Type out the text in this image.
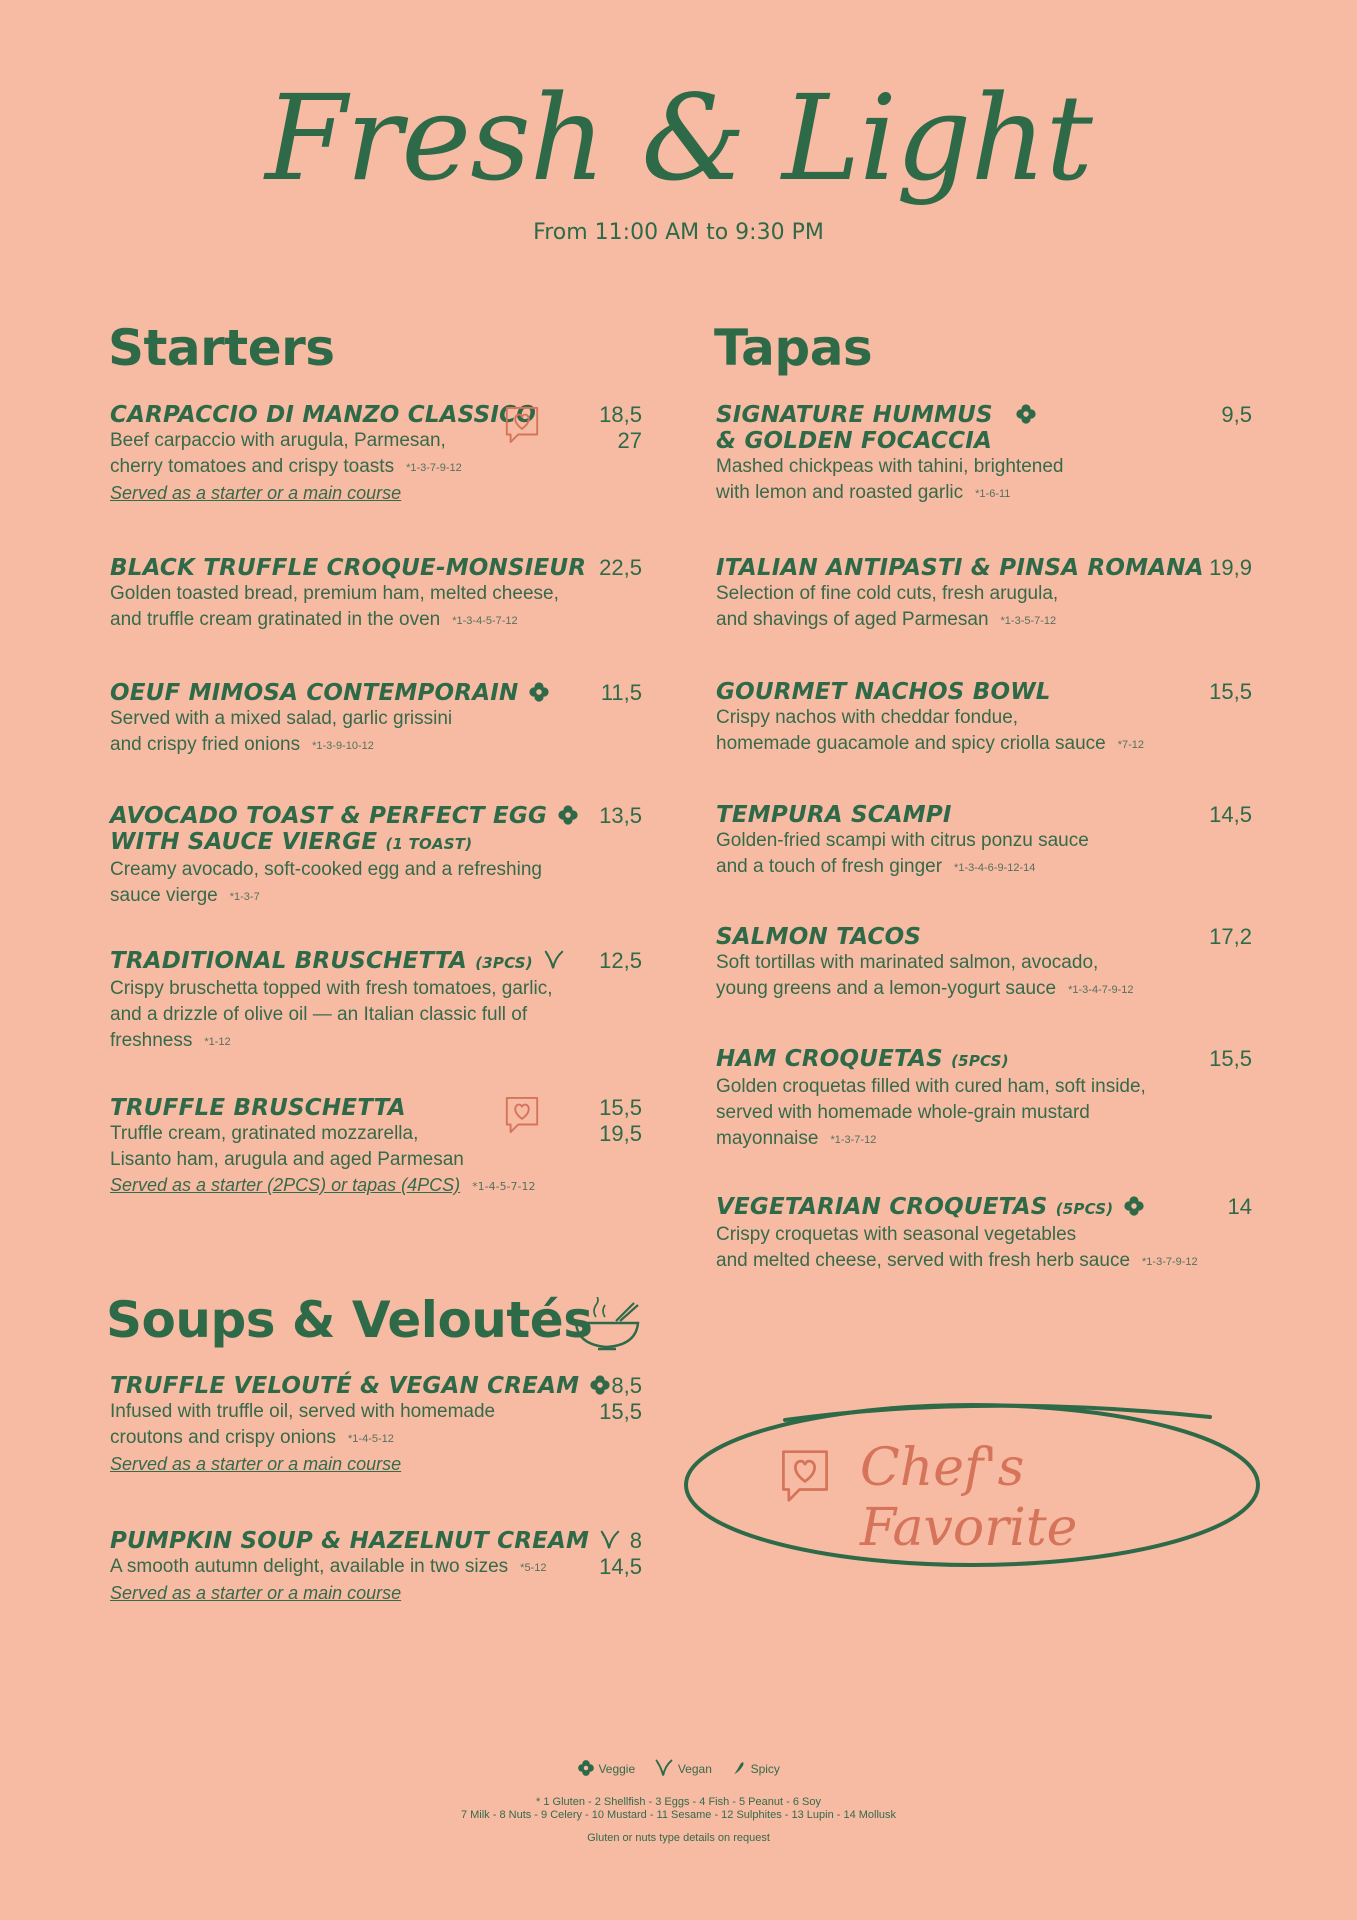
Fresh & Light
From 11:00 AM to 9:30 PM
Starters
CARPACCIO DI MANZO CLASSICO
Beef carpaccio with arugula, Parmesan,
cherry tomatoes and crispy toasts *1-3-7-9-12
Served as a starter or a main course
18,5
27
BLACK TRUFFLE CROQUE-MONSIEUR
Golden toasted bread, premium ham, melted cheese,
and truffle cream gratinated in the oven *1-3-4-5-7-12
22,5
OEUF MIMOSA CONTEMPORAIN
Served with a mixed salad, garlic grissini
and crispy fried onions *1-3-9-10-12
11,5
AVOCADO TOAST & PERFECT EGG
WITH SAUCE VIERGE (1 TOAST)
Creamy avocado, soft-cooked egg and a refreshing
sauce vierge *1-3-7
13,5
TRADITIONAL BRUSCHETTA (3PCS)
Crispy bruschetta topped with fresh tomatoes, garlic,
and a drizzle of olive oil — an Italian classic full of
freshness *1-12
12,5
TRUFFLE BRUSCHETTA
Truffle cream, gratinated mozzarella,
Lisanto ham, arugula and aged Parmesan
Served as a starter (2PCS) or tapas (4PCS) *1-4-5-7-12
15,5
19,5
Soups & Veloutés
TRUFFLE VELOUTÉ & VEGAN CREAM
Infused with truffle oil, served with homemade
croutons and crispy onions *1-4-5-12
Served as a starter or a main course
8,5
15,5
PUMPKIN SOUP & HAZELNUT CREAM
A smooth autumn delight, available in two sizes *5-12
Served as a starter or a main course
8
14,5
Tapas
SIGNATURE HUMMUS
& GOLDEN FOCACCIA
Mashed chickpeas with tahini, brightened
with lemon and roasted garlic *1-6-11
9,5
ITALIAN ANTIPASTI & PINSA ROMANA
Selection of fine cold cuts, fresh arugula,
and shavings of aged Parmesan *1-3-5-7-12
19,9
GOURMET NACHOS BOWL
Crispy nachos with cheddar fondue,
homemade guacamole and spicy criolla sauce *7-12
15,5
TEMPURA SCAMPI
Golden-fried scampi with citrus ponzu sauce
and a touch of fresh ginger *1-3-4-6-9-12-14
14,5
SALMON TACOS
Soft tortillas with marinated salmon, avocado,
young greens and a lemon-yogurt sauce *1-3-4-7-9-12
17,2
HAM CROQUETAS (5PCS)
Golden croquetas filled with cured ham, soft inside,
served with homemade whole-grain mustard
mayonnaise *1-3-7-12
15,5
VEGETARIAN CROQUETAS (5PCS)
Crispy croquetas with seasonal vegetables
and melted cheese, served with fresh herb sauce *1-3-7-9-12
14
Chef's Favorite
Veggie	Vegan	Spicy
* 1 Gluten - 2 Shellfish - 3 Eggs - 4 Fish - 5 Peanut - 6 Soy
7 Milk - 8 Nuts - 9 Celery - 10 Mustard - 11 Sesame - 12 Sulphites - 13 Lupin - 14 Mollusk
Gluten or nuts type details on request
